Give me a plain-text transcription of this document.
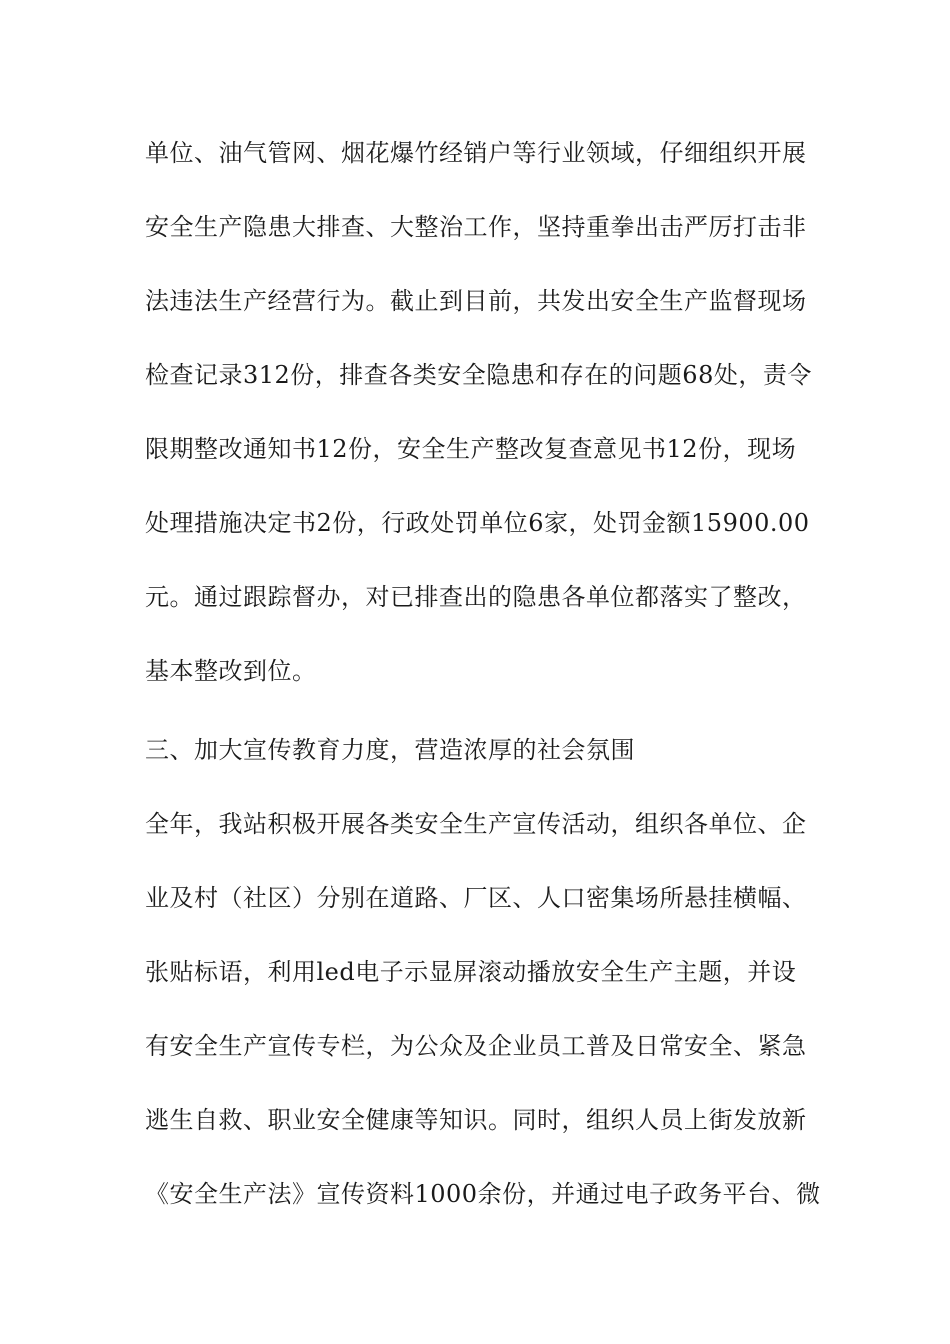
单位、油气管网、烟花爆竹经销户等行业领域，仔细组织开展

安全生产隐患大排查、大整治工作，坚持重拳出击严厉打击非

法违法生产经营行为。截止到目前，共发出安全生产监督现场

检查记录312份，排查各类安全隐患和存在的问题68处，责令

限期整改通知书12份，安全生产整改复查意见书12份，现场

处理措施决定书2份，行政处罚单位6家，处罚金额15900.00

元。通过跟踪督办，对已排查出的隐患各单位都落实了整改，

基本整改到位。

三、加大宣传教育力度，营造浓厚的社会氛围

全年，我站积极开展各类安全生产宣传活动，组织各单位、企

业及村（社区）分别在道路、厂区、人口密集场所悬挂横幅、

张贴标语，利用led电子示显屏滚动播放安全生产主题，并设

有安全生产宣传专栏，为公众及企业员工普及日常安全、紧急

逃生自救、职业安全健康等知识。同时，组织人员上街发放新

《安全生产法》宣传资料1000余份，并通过电子政务平台、微
